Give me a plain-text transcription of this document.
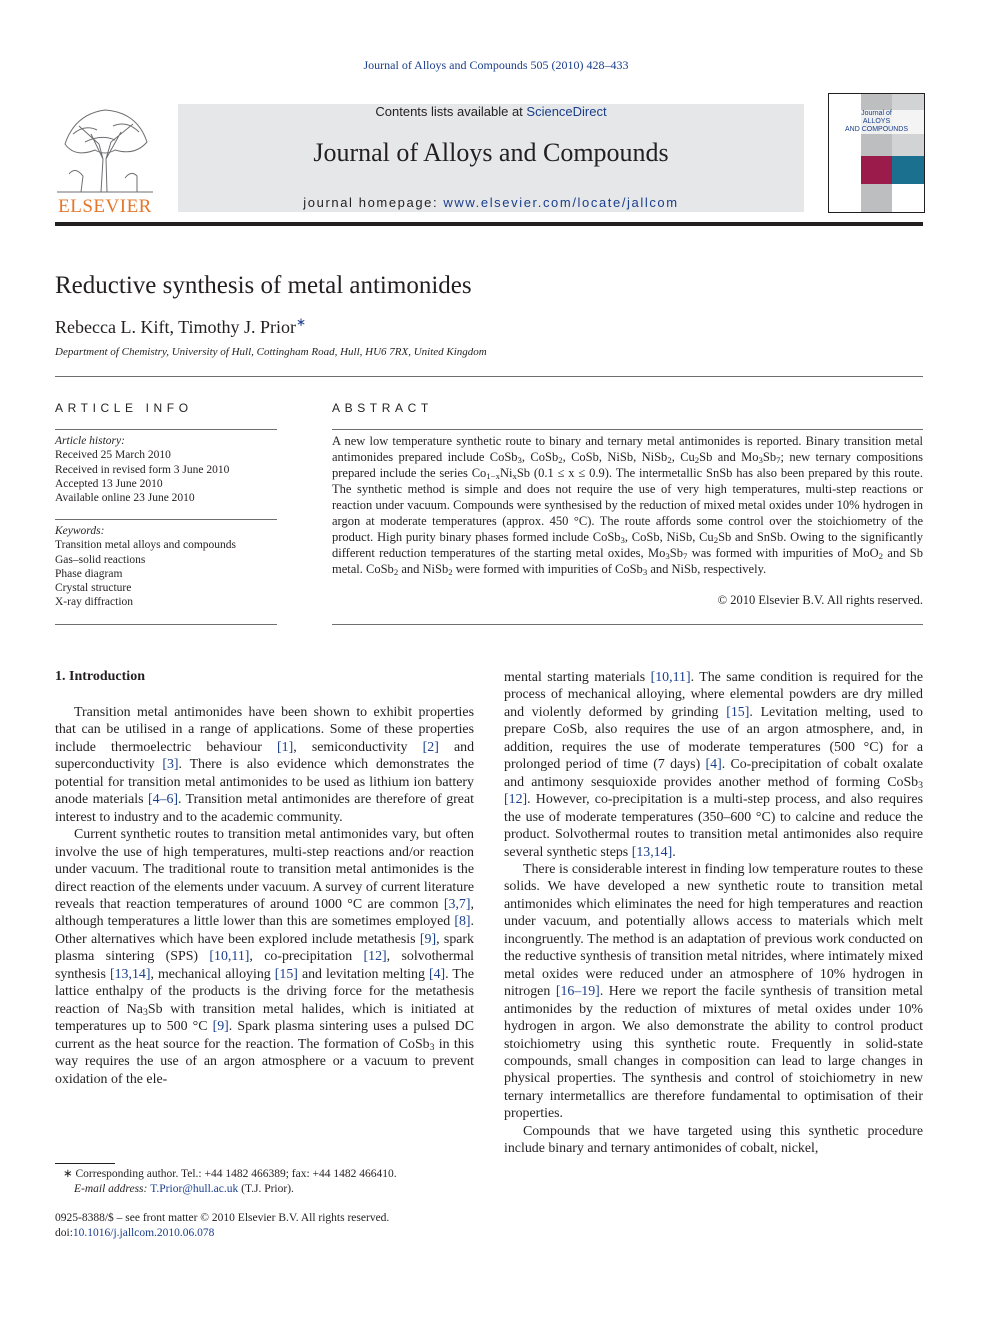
Journal of Alloys and Compounds 505 (2010) 428–433
ELSEVIER
Contents lists available at ScienceDirect
Journal of Alloys and Compounds
journal homepage: www.elsevier.com/locate/jallcom
Journal of
ALLOYS
AND COMPOUNDS
Reductive synthesis of metal antimonides
Rebecca L. Kift, Timothy J. Prior∗
Department of Chemistry, University of Hull, Cottingham Road, Hull, HU6 7RX, United Kingdom
ARTICLE INFO
Article history:
Received 25 March 2010
Received in revised form 3 June 2010
Accepted 13 June 2010
Available online 23 June 2010
Keywords:
Transition metal alloys and compounds
Gas–solid reactions
Phase diagram
Crystal structure
X-ray diffraction
ABSTRACT
A new low temperature synthetic route to binary and ternary metal antimonides is reported. Binary transition metal antimonides prepared include CoSb$_3$, CoSb$_2$, CoSb, NiSb, NiSb$_2$, $Cu_2Sb$ and $Mo_3Sb_7$; new ternary compositions prepared include the series $Co_{1-x}Ni_xSb$ (0.1 ≤ x ≤ 0.9). The intermetallic SnSb has also been prepared by this route. The synthetic method is simple and does not require the use of very high temperatures, multi-step reactions or reaction under vacuum. Compounds were synthesised by the reduction of mixed metal oxides under 10% hydrogen in argon at moderate temperatures (approx. 450 °C). The route affords some control over the stoichiometry of the product. High purity binary phases formed include CoSb$_3$, CoSb, NiSb, $Cu_2Sb$ and SnSb. Owing to the significantly different reduction temperatures of the starting metal oxides, $Mo_3Sb_7$ was formed with impurities of MoO$_2$ and Sb metal. CoSb$_2$ and NiSb$_2$ were formed with impurities of CoSb$_3$ and NiSb, respectively.
© 2010 Elsevier B.V. All rights reserved.
1. Introduction

Transition metal antimonides have been shown to exhibit properties that can be utilised in a range of applications. Some of these properties include thermoelectric behaviour [1], semiconductivity [2] and superconductivity [3]. There is also evidence which demonstrates the potential for transition metal antimonides to be used as lithium ion battery anode materials [4–6]. Transition metal antimonides are therefore of great interest to industry and to the academic community.

Current synthetic routes to transition metal antimonides vary, but often involve the use of high temperatures, multi-step reactions and/or reaction under vacuum. The traditional route to transition metal antimonides is the direct reaction of the elements under vacuum. A survey of current literature reveals that reaction temperatures of around 1000 °C are common [3,7], although temperatures a little lower than this are sometimes employed [8]. Other alternatives which have been explored include metathesis [9], spark plasma sintering (SPS) [10,11], co-precipitation [12], solvothermal synthesis [13,14], mechanical alloying [15] and levitation melting [4]. The lattice enthalpy of the products is the driving force for the metathesis reaction of $Na_3Sb$ with transition metal halides, which is initiated at temperatures up to 500 °C [9]. Spark plasma sintering uses a pulsed DC current as the heat source for the reaction. The formation of CoSb$_3$ in this way requires the use of an argon atmosphere or a vacuum to prevent oxidation of the ele-

mental starting materials [10,11]. The same condition is required for the process of mechanical alloying, where elemental powders are dry milled and violently deformed by grinding [15]. Levitation melting, used to prepare CoSb, also requires the use of an argon atmosphere, and, in addition, requires the use of moderate temperatures (500 °C) for a prolonged period of time (7 days) [4]. Co-precipitation of cobalt oxalate and antimony sesquioxide provides another method of forming CoSb$_3$ [12]. However, co-precipitation is a multi-step process, and also requires the use of moderate temperatures (350–600 °C) to calcine and reduce the product. Solvothermal routes to transition metal antimonides also require several synthetic steps [13,14].

There is considerable interest in finding low temperature routes to these solids. We have developed a new synthetic route to transition metal antimonides which eliminates the need for high temperatures and reaction under vacuum, and potentially allows access to materials which melt incongruently. The method is an adaptation of previous work conducted on the reductive synthesis of transition metal nitrides, where intimately mixed metal oxides were reduced under an atmosphere of 10% hydrogen in nitrogen [16–19]. Here we report the facile synthesis of transition metal antimonides by the reduction of mixtures of metal oxides under 10% hydrogen in argon. We also demonstrate the ability to control product stoichiometry using this synthetic route. Frequently in solid-state compounds, small changes in composition can lead to large changes in physical properties. The synthesis and control of stoichiometry in new ternary intermetallics are therefore fundamental to optimisation of their properties.

Compounds that we have targeted using this synthetic procedure include binary and ternary antimonides of cobalt, nickel,

∗ Corresponding author. Tel.: +44 1482 466389; fax: +44 1482 466410.
E-mail address: T.Prior@hull.ac.uk (T.J. Prior).
0925-8388/$ – see front matter © 2010 Elsevier B.V. All rights reserved.
doi:10.1016/j.jallcom.2010.06.078
